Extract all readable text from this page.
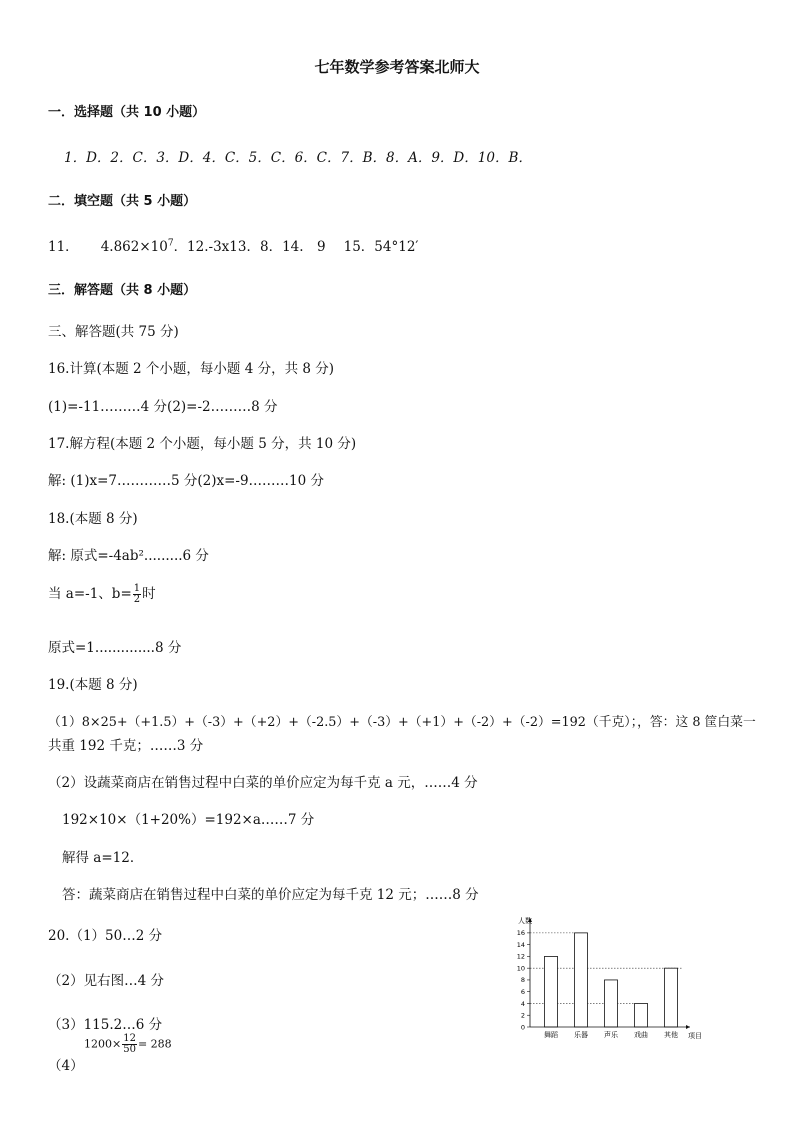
七年数学参考答案北师大
一．选择题（共 10 小题）
1．D．2．C．3．D．4．C．5．C．6．C．7．B．8．A．9．D．10．B．
二．填空题（共 5 小题）
11． $4.862\times 10^7$．12.-3x13．8．14.　9 15．54°12′
三．解答题（共 8 小题）
三、解答题(共 75 分)
16.计算(本题 2 个小题，每小题 4 分，共 8 分)
(1)=-11………4 分(2)=-2………8 分
17.解方程(本题 2 个小题，每小题 5 分，共 10 分)
解: (1)x=7…………5 分(2)x=-9………10 分
18.(本题 8 分)
解: 原式=-4ab².........6 分
当 a=-1、$b= \frac{1}{2}$ 时
原式=1..............8 分
19.(本题 8 分)
（1）8×25+（+1.5）+（-3）+（+2）+（-2.5）+（-3）+（+1）+（-2）+（-2）=192（千克）；，答：这 8 筐白菜一
共重 192 千克；……3 分
（2）设蔬菜商店在销售过程中白菜的单价应定为每千克 a 元，……4 分
192×10×（1+20%）=192×a……7 分
解得 a=12．
答：蔬菜商店在销售过程中白菜的单价应定为每千克 12 元；……8 分
20.（1）50…2 分
（2）见右图…4 分
（3）115.2…6 分
$1200\times \frac{12}{50} = 288$
（4）
0
2
4
6
8
10
12
14
16
舞蹈 乐器 声乐 戏曲 其他
人数
项目
